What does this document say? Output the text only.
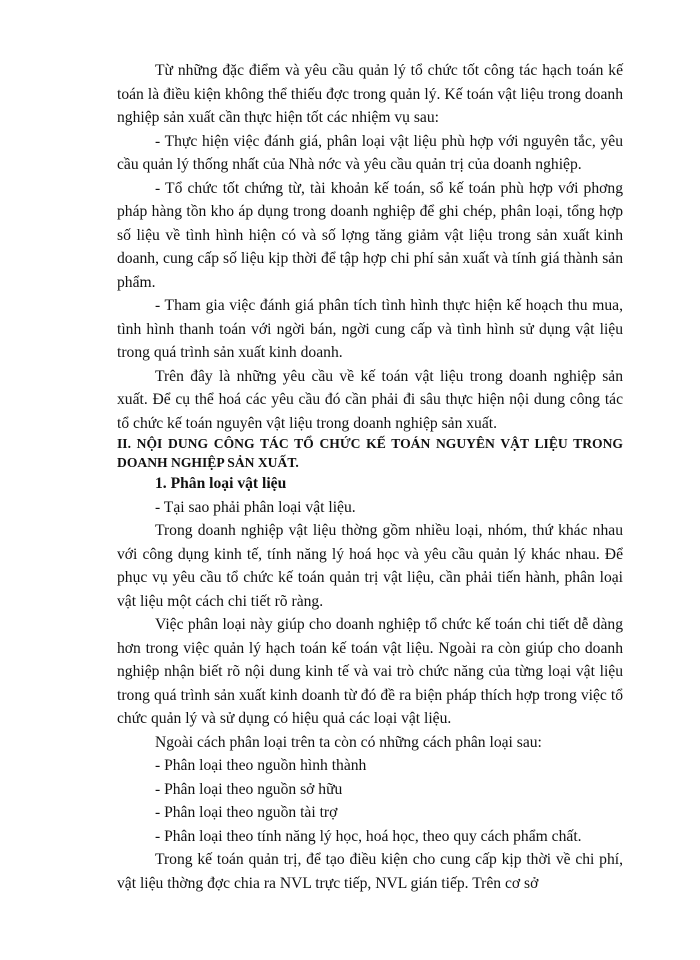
Từ những đặc điểm và yêu cầu quản lý tổ chức tốt công tác hạch toán kế toán là điều kiện không thể thiếu đợc trong quản lý. Kế toán vật liệu trong doanh nghiệp sản xuất cần thực hiện tốt các nhiệm vụ sau:

- Thực hiện việc đánh giá, phân loại vật liệu phù hợp với nguyên tắc, yêu cầu quản lý thống nhất của Nhà nớc và yêu cầu quản trị của doanh nghiệp.

- Tổ chức tốt chứng từ, tài khoản kế toán, sổ kế toán phù hợp với phơng pháp hàng tồn kho áp dụng trong doanh nghiệp để ghi chép, phân loại, tổng hợp số liệu về tình hình hiện có và số lợng tăng giảm vật liệu trong sản xuất kinh doanh, cung cấp số liệu kịp thời để tập hợp chi phí sản xuất và tính giá thành sản phẩm.

- Tham gia việc đánh giá phân tích tình hình thực hiện kế hoạch thu mua, tình hình thanh toán với ngời bán, ngời cung cấp và tình hình sử dụng vật liệu trong quá trình sản xuất kinh doanh.

Trên đây là những yêu cầu về kế toán vật liệu trong doanh nghiệp sản xuất. Để cụ thể hoá các yêu cầu đó cần phải đi sâu thực hiện nội dung công tác tổ chức kế toán nguyên vật liệu trong doanh nghiệp sản xuất.

II. NỘI DUNG CÔNG TÁC TỔ CHỨC KẾ TOÁN NGUYÊN VẬT LIỆU TRONG DOANH NGHIỆP SẢN XUẤT.

1. Phân loại vật liệu

- Tại sao phải phân loại vật liệu.

Trong doanh nghiệp vật liệu thờng gồm nhiều loại, nhóm, thứ khác nhau với công dụng kinh tế, tính năng lý hoá học và yêu cầu quản lý khác nhau. Để phục vụ yêu cầu tổ chức kế toán quản trị vật liệu, cần phải tiến hành, phân loại vật liệu một cách chi tiết rõ ràng.

Việc phân loại này giúp cho doanh nghiệp tổ chức kế toán chi tiết dễ dàng hơn trong việc quản lý hạch toán kế toán vật liệu. Ngoài ra còn giúp cho doanh nghiệp nhận biết rõ nội dung kinh tế và vai trò chức năng của từng loại vật liệu trong quá trình sản xuất kinh doanh từ đó đề ra biện pháp thích hợp trong việc tổ chức quản lý và sử dụng có hiệu quả các loại vật liệu.

Ngoài cách phân loại trên ta còn có những cách phân loại sau:

- Phân loại theo nguồn hình thành

- Phân loại theo nguồn sở hữu

- Phân loại theo nguồn tài trợ

- Phân loại theo tính năng lý học, hoá học, theo quy cách phẩm chất.

Trong kế toán quản trị, để tạo điều kiện cho cung cấp kịp thời về chi phí, vật liệu thờng đợc chia ra NVL trực tiếp, NVL gián tiếp. Trên cơ sở
